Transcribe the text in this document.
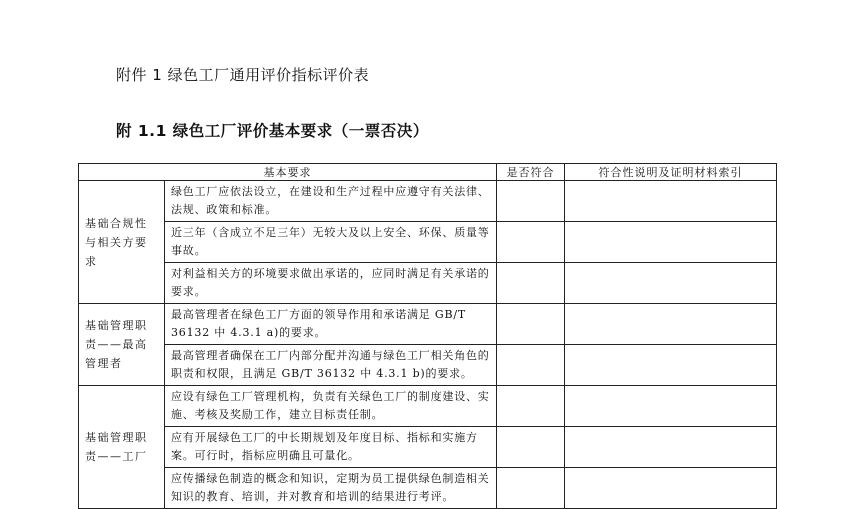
附件 1 绿色工厂通用评价指标评价表
附 1.1 绿色工厂评价基本要求（一票否决）
基本要求		是否符合	符合性说明及证明材料索引
基础合规性与相关方要求	绿色工厂应依法设立，在建设和生产过程中应遵守有关法律、法规、政策和标准。		
	近三年（含成立不足三年）无较大及以上安全、环保、质量等事故。		
	对利益相关方的环境要求做出承诺的，应同时满足有关承诺的要求。		
基础管理职责——最高管理者	最高管理者在绿色工厂方面的领导作用和承诺满足 GB/T 36132 中 4.3.1 a)的要求。		
	最高管理者确保在工厂内部分配并沟通与绿色工厂相关角色的职责和权限，且满足 GB/T 36132 中 4.3.1 b)的要求。		
基础管理职责——工厂	应设有绿色工厂管理机构，负责有关绿色工厂的制度建设、实施、考核及奖励工作，建立目标责任制。		
	应有开展绿色工厂的中长期规划及年度目标、指标和实施方案。可行时，指标应明确且可量化。		
	应传播绿色制造的概念和知识，定期为员工提供绿色制造相关知识的教育、培训，并对教育和培训的结果进行考评。		
